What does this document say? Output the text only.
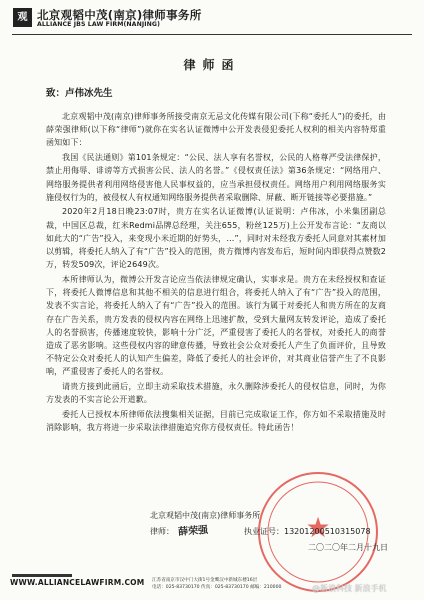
观 北京观韬中茂(南京)律师事务所
ALLIANCE JBS LAW FIRM(NANJING)
律师函
致：卢伟冰先生

北京观韬中茂(南京)律师事务所接受南京无忌文化传媒有限公司(下称“委托人”)的委托，由薛荣强律师(以下称“律师”)就你在实名认证微博中公开发表侵犯委托人权利的相关内容特郑重函知如下：

我国《民法通则》第101条规定：“公民、法人享有名誉权，公民的人格尊严受法律保护，禁止用侮辱、诽谤等方式损害公民、法人的名誉。”《侵权责任法》第36条规定：“网络用户、网络服务提供者利用网络侵害他人民事权益的，应当承担侵权责任。网络用户利用网络服务实施侵权行为的，被侵权人有权通知网络服务提供者采取删除、屏蔽、断开链接等必要措施。”

2020年2月18日晚23:07时，贵方在实名认证微博(认证说明：卢伟冰，小米集团副总裁，中国区总裁，红米Redmi品牌总经理，关注655，粉丝125万)上公开发布言论：“友商以如此大的“广告”投入，来变现小米近期的好势头，…”，同时对未经我方委托人同意对其素材加以剪辑，将委托人纳入了有“广告”投入的范围，贵方微博内容发布后，短时间内即获得点赞数2万，转发509次，评论2649次。

本所律师认为，微博公开发言论应当依法律规定确认，实事求是。贵方在未经授权和查证下，将委托人微博信息和其他不相关的信息进行组合，将委托人纳入了有“广告”投入的范围，发表不实言论，将委托人纳入了有“广告”投入的范围。该行为属于对委托人和贵方所在的友商存在广告关系，贵方发表的侵权内容在网络上迅速扩散，受到大量网友转发评论，造成了委托人的名誉损害，传播速度较快，影响十分广泛，严重侵害了委托人的名誉权，对委托人的商誉造成了恶劣影响。这些侵权内容的肆意传播，导致社会公众对委托人产生了负面评价，且导致不特定公众对委托人的认知产生偏差，降低了委托人的社会评价，对其商业信誉产生了不良影响，严重侵害了委托人的名誉权。

请贵方接到此函后，立即主动采取技术措施，永久删除涉委托人的侵权信息，同时，为你方发表的不实言论公开道歉。

委托人已授权本所律师依法搜集相关证据，目前已完成取证工作，你方如不采取措施及时消除影响，我方将进一步采取法律措施追究你方侵权责任。特此函告！

★
北京观韬中茂(南京)律师事务所
律师： 薛荣强	执业证号：13201200510315078
二〇二〇年二月十九日
WWW.ALLIANCELAWFIRM.COM 江苏省南京市汉中门大街1号金鹰汉中新城东楼16层
电话：025-83730170 传真：025-83730170 邮编：210000	@新浪科技 新浪手机
